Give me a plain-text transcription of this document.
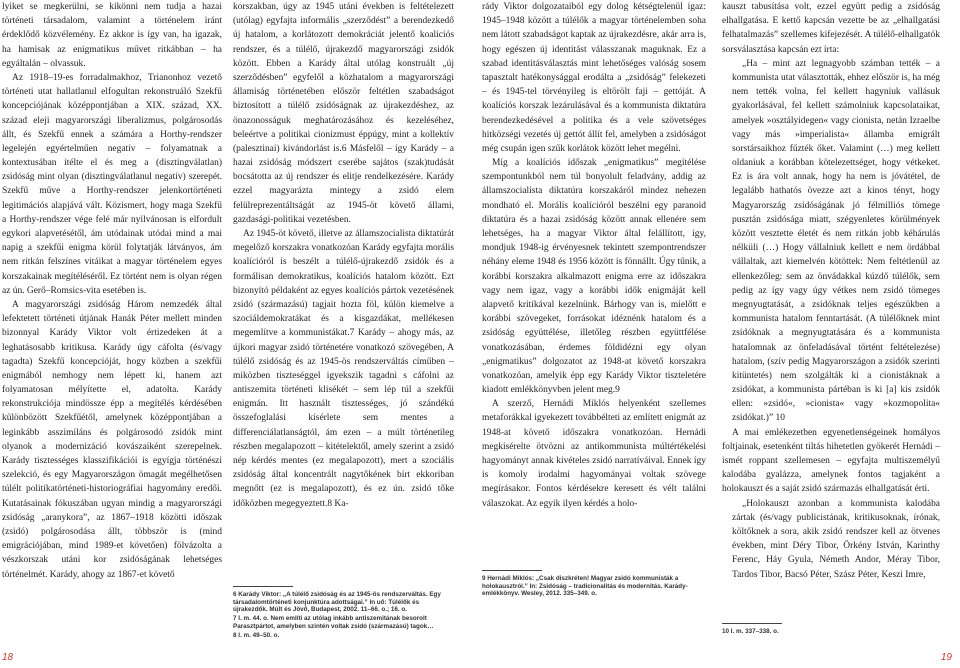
lyiket se megkerülni, se kikönni nem tudja a hazai történeti társadalom, valamint a történelem iránt érdeklődő közvélemény. Ez akkor is így van, ha igazak, ha hamisak az enigmatikus művet ritkábban – ha egyáltalán – olvassuk.

Az 1918–19-es forradalmakhoz, Trianonhoz vezető történeti utat hallatlanul elfogultan rekonstruáló Szekfű koncepciójának középpontjában a XIX. század, XX. század eleji magyarországi liberalizmus, polgárosodás állt, és Szekfű ennek a számára a Horthy-rendszer legelején egyértelműen negatív – folyamatnak a kontextusában ítélte el és meg a (disztingválatlan) zsidóság mint olyan (disztingválatlanul negatív) szerepét. Szekfű műve a Horthy-rendszer jelenkortörténeti legitimációs alapjává vált. Közismert, hogy maga Szekfű a Horthy-rendszer vége felé már nyilvánosan is elfordult egykori alapvetésétől, ám utódainak utódai mind a mai napig a szekfűi enigma körül folytatják látványos, ám nem ritkán felszínes vitáikat a magyar történelem egyes korszakainak megítéléséről. Ez történt nem is olyan régen az ún. Gerő–Romsics-vita esetében is.

A magyarországi zsidóság Három nemzedék által lefektetett történeti útjának Hanák Péter mellett minden bizonnyal Karády Viktor volt értizedeken át a leghatásosabb kritikusa. Karády úgy cáfolta (és/vagy tagadta) Szekfű koncepcióját, hogy közben a szekfűi enigmából nemhogy nem lépett ki, hanem azt folyamatosan mélyítette el, adatolta. Karády rekonstrukciója mindössze épp a megítélés kérdésében különbözött Szekfűétől, amelynek középpontjában a leginkább asszimiláns és polgárosodó zsidók mint olyanok a modernizáció kovászaiként szerepelnek. Karády tisztességes klasszifikációi is egyígja történészi szelekció, és egy Magyarországon ömagát megélhetősen túlélt politikatörténeti-historiográfiai hagyomány eredői. Kutatásainak fókuszában ugyan mindig a magyarországi zsidóság „aranykora”, az 1867–1918 közötti időszak (zsidó) polgárosodása állt, többször is (mind emigrációjában, mind 1989-et követően) fölvázolta a vészkorszak utáni kor zsidóságának lehetséges történelmét. Karády, ahogy az 1867-et követő

korszakban, úgy az 1945 utáni években is feltételezett (utólag) egyfajta informális „szerződést” a berendezkedő új hatalom, a korlátozott demokráciát jelentő koalíciós rendszer, és a túlélő, újrakezdő magyarországi zsidók között. Ebben a Karády által utólag konstruált „új szerződésben” egyfelől a közhatalom a magyarországi államiság történetében először feltétlen szabadságot biztosított a túlélő zsidóságnak az újrakezdéshez, az önazonosságuk meghatározásához és kezeléséhez, beleértve a politikai cionizmust éppúgy, mint a kollektív (palesztinai) kivándorlást is.6 Másfelől – így Karády – a hazai zsidóság módszert cserébe sajátos (szak)tudását bocsátotta az új rendszer és elitje rendelkezésére. Karády ezzel magyarázta mintegy a zsidó elem felülreprezentáltságát az 1945-öt követő állami, gazdasági-politikai vezetésben.

Az 1945-öt követő, illetve az államszocialista diktatúrát megelőző korszakra vonatkozóan Karády egyfajta morális koalícióról is beszélt a túlélő-újrakezdő zsidók és a formálisan demokratikus, koalíciós hatalom között. Ezt bizonyító példaként az egyes koalíciós pártok vezetésének zsidó (származású) tagjait hozta föl, külön kiemelve a szociáldemokratákat és a kisgazdákat, mellékesen megemlítve a kommunistákat.7 Karády – ahogy más, az újkori magyar zsidó történetére vonatkozó szövegében, A túlélő zsidóság és az 1945-ös rendszerváltás címűben – miközben tiszteséggel igyekszik tagadni s cáfolni az antiszemita történeti klisékét – sem lép túl a szekfűi enigmán. Itt használt tisztességes, jó szándékú összefoglalási kísérlete sem mentes a differenciálatlanságtól, ám ezen – a múlt történetileg részben megalapozott – kitételektől, amely szerint a zsidó nép kérdés mentes (ez megalapozott), mert a szociális zsidóság által koncentrált nagytőkének bírt ekkoriban megnőtt (ez is megalapozott), és ez ún. zsidó tőke időközben megegyeztett.8 Ka-

6 Karády Viktor: „A túlélő zsidóság és az 1945-ös rendszerváltás. Egy társadalomtörténeti konjunktúra adottságai.” In uő: Túlélők és újrakezdők. Múlt és Jövő, Budapest, 2002. 11–66. o.; 16. o.

7 I. m. 44. o. Nem említi az utólag inkább antiszemitának besorolt Parasztpártot, amelyben szintén voltak zsidó (származású) tagok…

8 I. m. 49–50. o.

18

rády Viktor dolgozataiból egy dolog kétségtelenül igaz: 1945–1948 között a túlélők a magyar történelemben soha nem látott szabadságot kaptak az újrakezdésre, akár arra is, hogy egészen új identitást válasszanak maguknak. Ez a szabad identitásválasztás mint lehetőséges valóság sosem tapasztalt hatékonysággal erodálta a „zsidóság” felekezeti – és 1945-tel törvényileg is eltörölt faji – gettóját. A koalíciós korszak lezárulásával és a kommunista diktatúra berendezkedésével a politika és a vele szövetséges hitközségi vezetés új gettót állít fel, amelyben a zsidóságot még csupán igen szűk korlátok között lehet megélni.

Míg a koalíciós időszak „enigmatikus” megítélése szempontunkból nem túl bonyolult feladvány, addig az államszocialista diktatúra korszakáról mindez nehezen mondható el. Morális koalícióról beszélni egy paranoid diktatúra és a hazai zsidóság között annak ellenére sem lehetséges, ha a magyar Viktor által felállított, így, mondjuk 1948-ig érvényesnek tekintett szempontrendszer néhány eleme 1948 és 1956 között is fönnállt. Úgy tűnik, a korábbi korszakra alkalmazott enigma erre az időszakra vagy nem igaz, vagy a korábbi idők enigmáját kell alapvető kritikával kezelnünk. Bárhogy van is, mielőtt e korábbi szövegeket, forrásokat idéznénk hatalom és a zsidóság együttélése, illetőleg részben együttfélése vonatkozásában, érdemes földidézni egy olyan „enigmatikus” dolgozatot az 1948-at követő korszakra vonatkozóan, amelyik épp egy Karády Viktor tiszteletére kiadott emlékkönyvben jelent meg.9

A szerző, Hernádi Miklós helyenként szellemes metaforákkal igyekezett továbbélteti az említett enigmát az 1948-at követő időszakra vonatkozóan. Hernádi megkísérelte ötvözni az antikommunista múltértékelési hagyományt annak kivételes zsidó narratíváival. Ennek így is komoly irodalmi hagyományai voltak szövege megírásakor. Fontos kérdésekre keresett és vélt találni válaszokat. Az egyik ilyen kérdés a holo-

kauszt tabusítása volt, ezzel együtt pedig a zsidóság elhallgatása. E kettő kapcsán vezette be az „elhallgatási felhatalmazás” szellemes kifejezését. A túlélő-elhallgatók sorsválasztása kapcsán ezt írta:

„Ha – mint azt legnagyobb számban tették – a kommunista utat választották, ehhez először is, ha még nem tették volna, fel kellett hagyniuk vallásuk gyakorlásával, fel kellett számolniuk kapcsolataikat, amelyek »osztályidegen« vagy cionista, netán Izraelbe vagy más »imperialista« államba emigrált sorstársaikhoz fűzték őket. Valamint (…) meg kellett oldaniuk a korábban kötelezettséget, hogy vétkeket. Ez is ára volt annak, hogy ha nem is jóvátétel, de legalább hathatós övezze azt a kinos tényt, hogy Magyarország zsidóságának jó félmilliós tömege pusztán zsidósága miatt, szégyenletes körülmények között vesztette életét és nem ritkán jobb kéhárulás nélküli (…) Hogy vállalniuk kellett e nem ördábbal vállaltak, azt kiemelvén kötöttek: Nem feltétlenül az ellenkezőleg: sem az önvádakkal kúzdő túlélők, sem pedig az így vagy úgy vétkes nem zsidó tömeges megnyugtatását, a zsidóknak teljes egészükben a kommunista hatalom fenntartását. (A túlélőknek mint zsidóknak a megnyugtatására és a kommunista hatalomnak az önfeladásával történt feltételezése) hatalom, (szív pedig Magyarországon a zsidók szerinti kitüntetés) nem szolgálták ki a cionistáknak a zsidókat, a kommunista pártéban is ki [a] kis zsidók ellen: »zsidó«, »cionista« vagy »kozmopolita« zsidókat.)” 10

A mai emlékezetben egyenetlenségeinek homályos foltjainak, esetenként tiltás hihetetlen gyökerét Hernádi – ismét roppant szellemesen – egyfajta multiszemélyű kalodába gyalázza, amelynek fontos tagjaként a holokauszt és a saját zsidó származás elhallgatását érti.

„Holokauszt azonban a kommunista kalodába zártak (és/vagy publicistának, kritikusoknak, írónak, költőknek a sora, akik zsidó rendszer kell az ötvenes években, mint Déry Tibor, Örkény István, Karinthy Ferenc, Háy Gyula, Németh Andor, Méray Tibor, Tardos Tibor, Bacsó Péter, Szász Péter, Keszi Imre,

9 Hernádi Miklós: „Csak diszkréten! Magyar zsidó kommunisták a holokausztról.” In: Zsidóság – tradicionalitás és modernitás. Karády-emlékkönyv. Wesley, 2012. 335–349. o.

10 I. m. 337–338. o.

19
